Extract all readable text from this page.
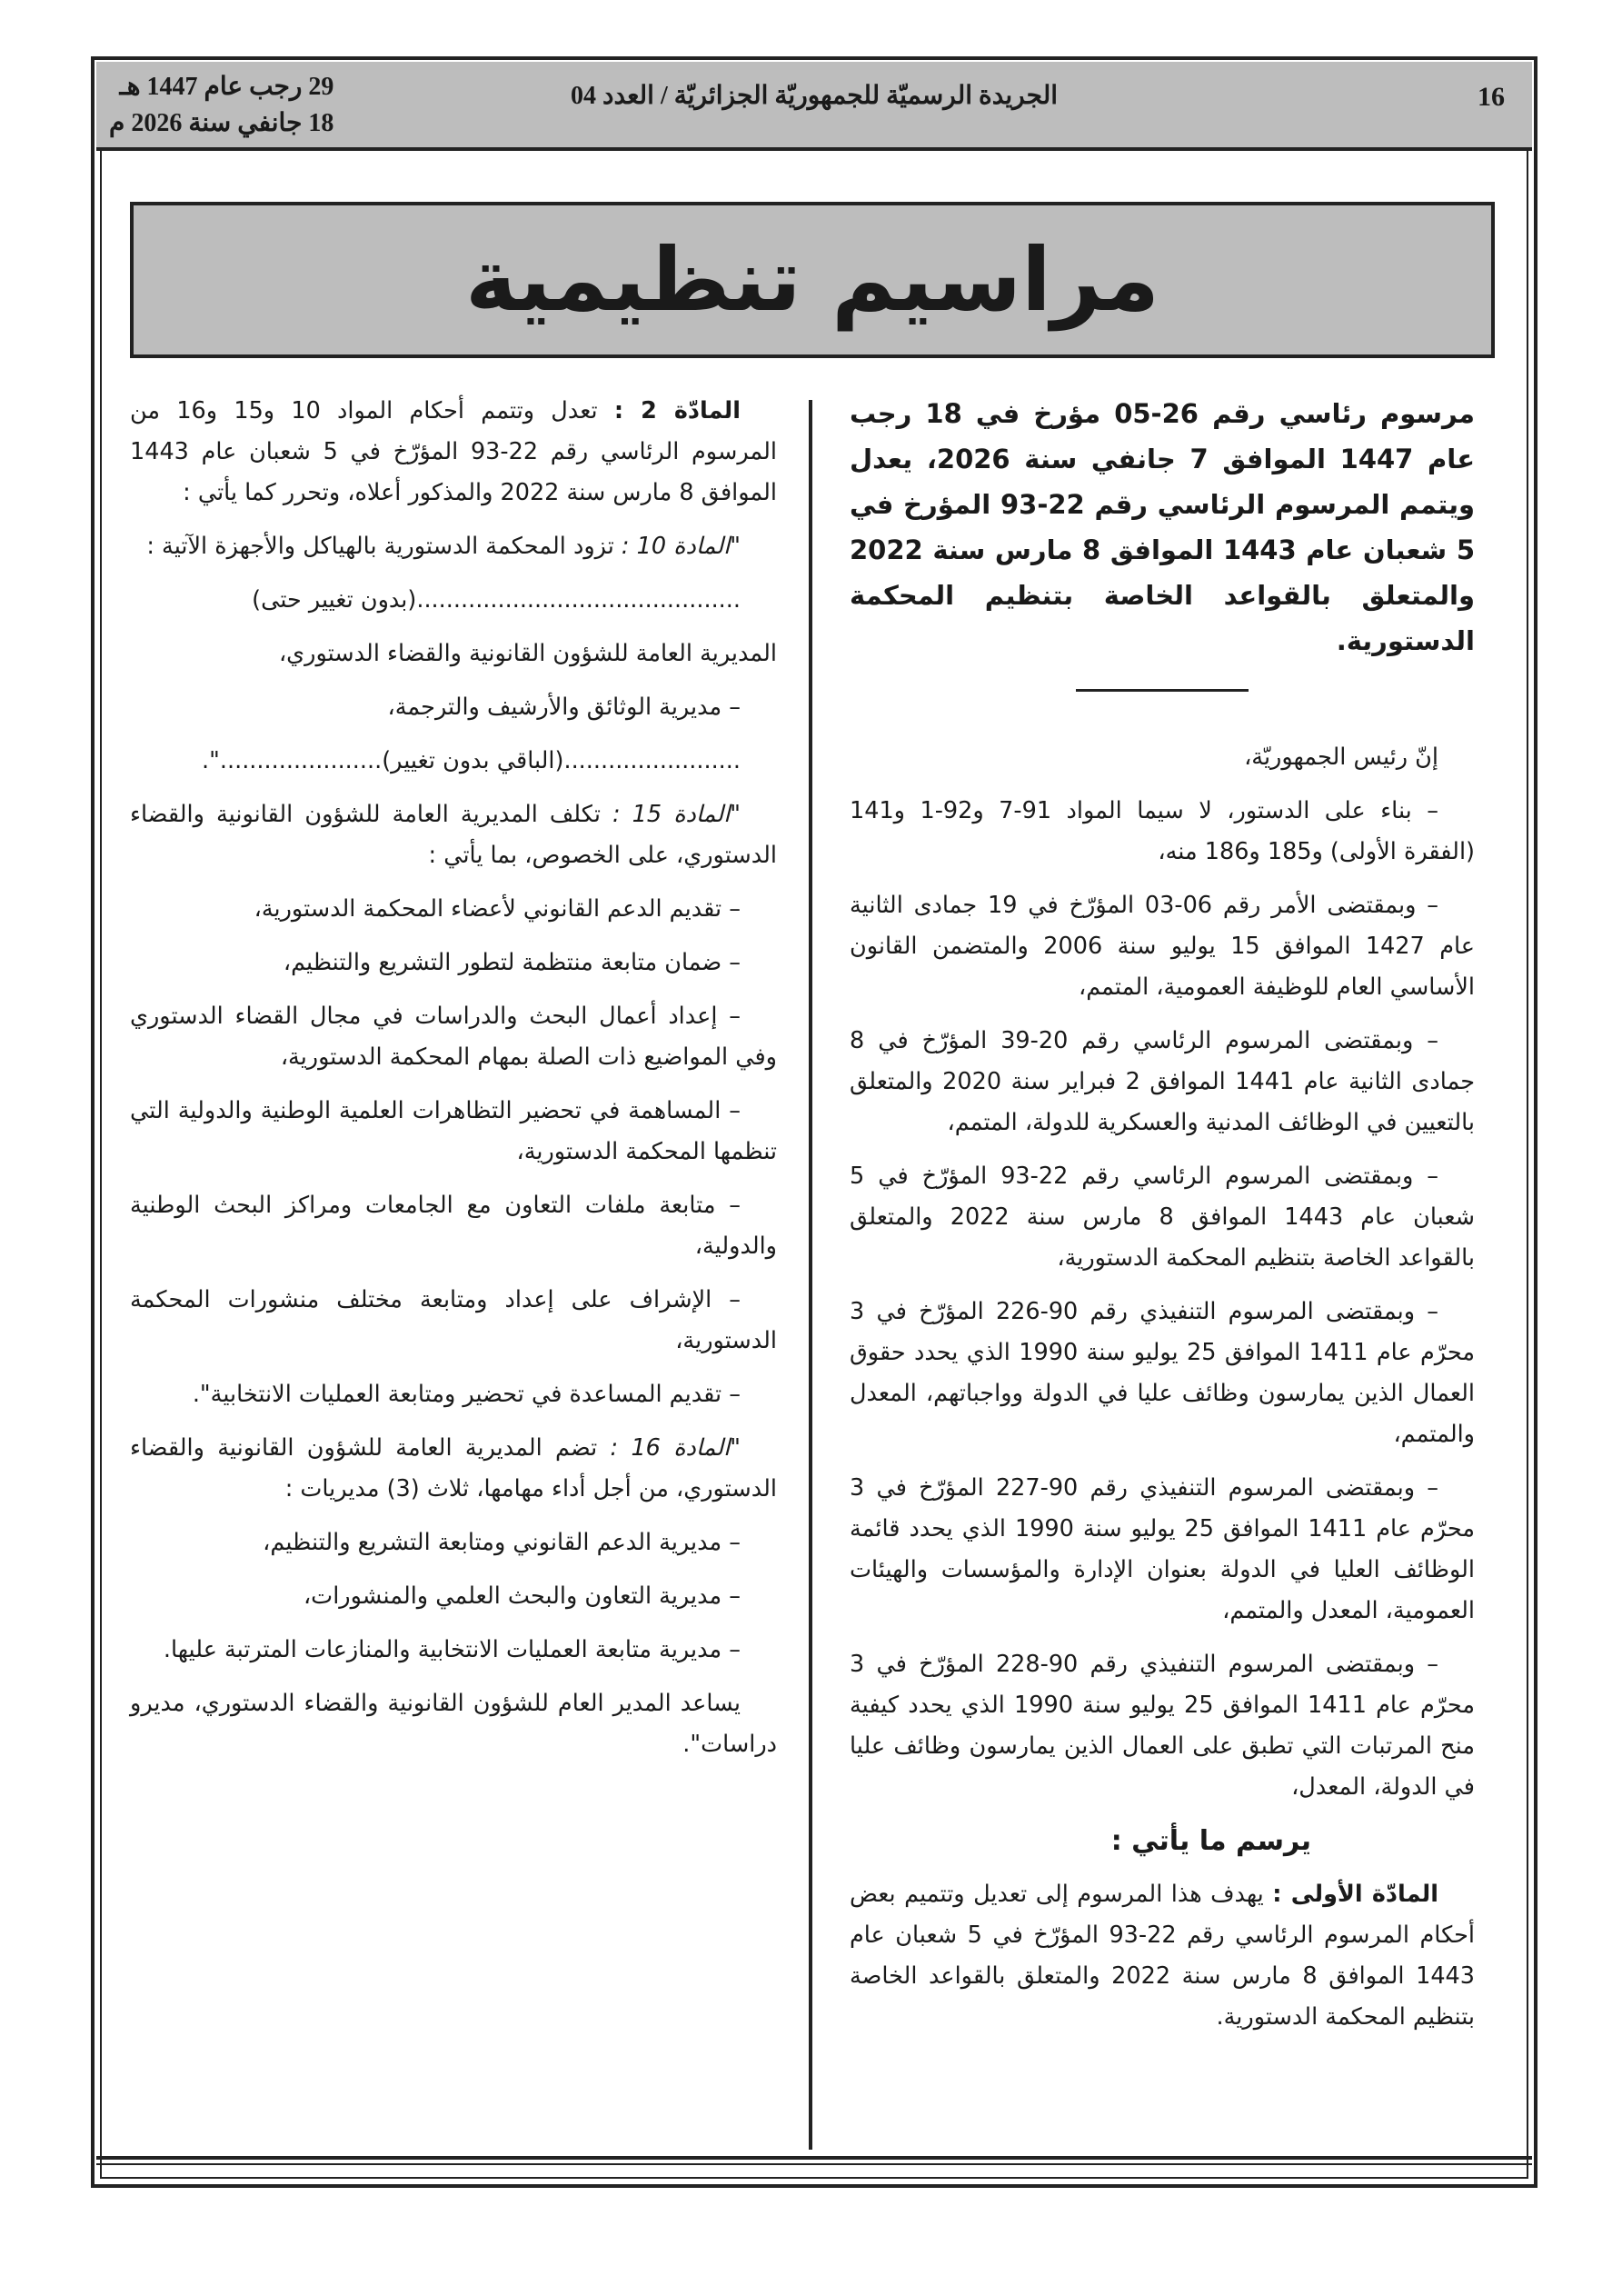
16
الجريدة الرسميّة للجمهوريّة الجزائريّة / العدد 04
29 رجب عام 1447 هـ
18 جانفي سنة 2026 م
مراسيم تنظيمية

مرسوم رئاسي رقم 26-05 مؤرخ في 18 رجب عام 1447 الموافق 7 جانفي سنة 2026، يعدل ويتمم المرسوم الرئاسي رقم 22-93 المؤرخ في 5 شعبان عام 1443 الموافق 8 مارس سنة 2022 والمتعلق بالقواعد الخاصة بتنظيم المحكمة الدستورية.

إنّ رئيس الجمهوريّة،

– بناء على الدستور، لا سيما المواد 91-7 و92-1 و141 (الفقرة الأولى) و185 و186 منه،

– وبمقتضى الأمر رقم 06-03 المؤرّخ في 19 جمادى الثانية عام 1427 الموافق 15 يوليو سنة 2006 والمتضمن القانون الأساسي العام للوظيفة العمومية، المتمم،

– وبمقتضى المرسوم الرئاسي رقم 20-39 المؤرّخ في 8 جمادى الثانية عام 1441 الموافق 2 فبراير سنة 2020 والمتعلق بالتعيين في الوظائف المدنية والعسكرية للدولة، المتمم،

– وبمقتضى المرسوم الرئاسي رقم 22-93 المؤرّخ في 5 شعبان عام 1443 الموافق 8 مارس سنة 2022 والمتعلق بالقواعد الخاصة بتنظيم المحكمة الدستورية،

– وبمقتضى المرسوم التنفيذي رقم 90-226 المؤرّخ في 3 محرّم عام 1411 الموافق 25 يوليو سنة 1990 الذي يحدد حقوق العمال الذين يمارسون وظائف عليا في الدولة وواجباتهم، المعدل والمتمم،

– وبمقتضى المرسوم التنفيذي رقم 90-227 المؤرّخ في 3 محرّم عام 1411 الموافق 25 يوليو سنة 1990 الذي يحدد قائمة الوظائف العليا في الدولة بعنوان الإدارة والمؤسسات والهيئات العمومية، المعدل والمتمم،

– وبمقتضى المرسوم التنفيذي رقم 90-228 المؤرّخ في 3 محرّم عام 1411 الموافق 25 يوليو سنة 1990 الذي يحدد كيفية منح المرتبات التي تطبق على العمال الذين يمارسون وظائف عليا في الدولة، المعدل،

يرسم ما يأتي :

المادّة الأولى : يهدف هذا المرسوم إلى تعديل وتتميم بعض أحكام المرسوم الرئاسي رقم 22-93 المؤرّخ في 5 شعبان عام 1443 الموافق 8 مارس سنة 2022 والمتعلق بالقواعد الخاصة بتنظيم المحكمة الدستورية.

المادّة 2 : تعدل وتتمم أحكام المواد 10 و15 و16 من المرسوم الرئاسي رقم 22-93 المؤرّخ في 5 شعبان عام 1443 الموافق 8 مارس سنة 2022 والمذكور أعلاه، وتحرر كما يأتي :

"المادة 10 : تزود المحكمة الدستورية بالهياكل والأجهزة الآتية :

............................................(بدون تغيير حتى)

المديرية العامة للشؤون القانونية والقضاء الدستوري،

– مديرية الوثائق والأرشيف والترجمة،

........................(الباقي بدون تغيير)......................".

"المادة 15 : تكلف المديرية العامة للشؤون القانونية والقضاء الدستوري، على الخصوص، بما يأتي :

– تقديم الدعم القانوني لأعضاء المحكمة الدستورية،

– ضمان متابعة منتظمة لتطور التشريع والتنظيم،

– إعداد أعمال البحث والدراسات في مجال القضاء الدستوري وفي المواضيع ذات الصلة بمهام المحكمة الدستورية،

– المساهمة في تحضير التظاهرات العلمية الوطنية والدولية التي تنظمها المحكمة الدستورية،

– متابعة ملفات التعاون مع الجامعات ومراكز البحث الوطنية والدولية،

– الإشراف على إعداد ومتابعة مختلف منشورات المحكمة الدستورية،

– تقديم المساعدة في تحضير ومتابعة العمليات الانتخابية".

"المادة 16 : تضم المديرية العامة للشؤون القانونية والقضاء الدستوري، من أجل أداء مهامها، ثلاث (3) مديريات :

– مديرية الدعم القانوني ومتابعة التشريع والتنظيم،

– مديرية التعاون والبحث العلمي والمنشورات،

– مديرية متابعة العمليات الانتخابية والمنازعات المترتبة عليها.

يساعد المدير العام للشؤون القانونية والقضاء الدستوري، مديرو دراسات".
